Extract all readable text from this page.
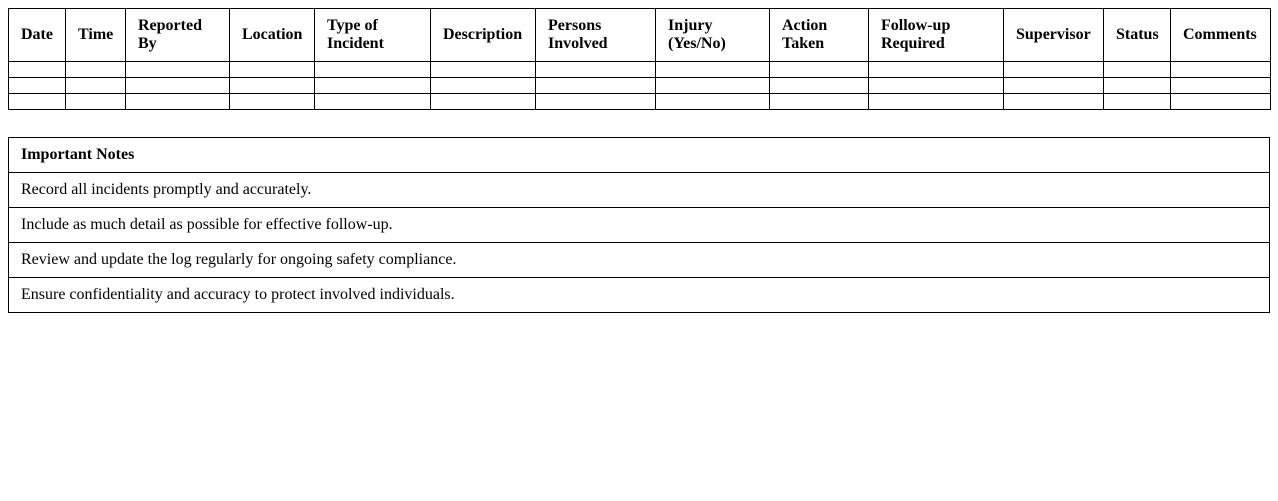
Date	Time	Reported By	Location	Type of Incident	Description	Persons Involved	Injury (Yes/No)	Action Taken	Follow-up Required	Supervisor	Status	Comments

Important Notes
Record all incidents promptly and accurately.
Include as much detail as possible for effective follow-up.
Review and update the log regularly for ongoing safety compliance.
Ensure confidentiality and accuracy to protect involved individuals.
